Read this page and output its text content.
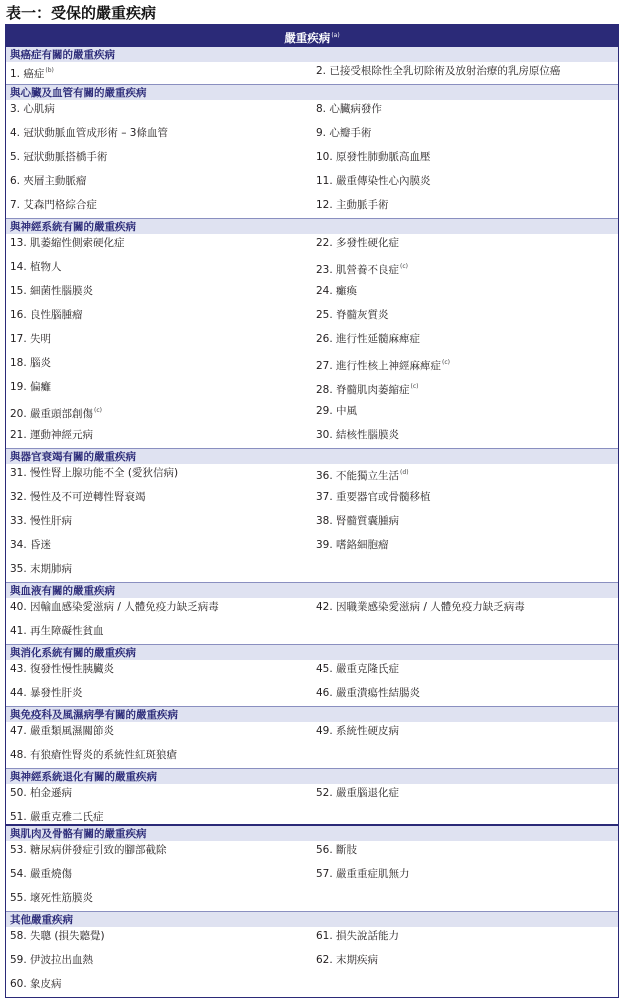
表一：受保的嚴重疾病
嚴重疾病$^{(a)}$
與癌症有關的嚴重疾病
1. 癌症$^{(b)}$	2. 已接受根除性全乳切除術及放射治療的乳房原位癌
與心臟及血管有關的嚴重疾病
3. 心肌病	8. 心臟病發作
4. 冠狀動脈血管成形術 – 3條血管	9. 心瓣手術
5. 冠狀動脈搭橋手術	10. 原發性肺動脈高血壓
6. 夾層主動脈瘤	11. 嚴重傳染性心內膜炎
7. 艾森門格綜合症	12. 主動脈手術
與神經系統有關的嚴重疾病
13. 肌萎縮性側索硬化症	22. 多發性硬化症
14. 植物人	23. 肌營養不良症$^{(c)}$
15. 細菌性腦膜炎	24. 癱瘓
16. 良性腦腫瘤	25. 脊髓灰質炎
17. 失明	26. 進行性延髓麻痺症
18. 腦炎	27. 進行性核上神經麻痺症$^{(c)}$
19. 偏癱	28. 脊髓肌肉萎縮症$^{(c)}$
20. 嚴重頭部創傷$^{(c)}$	29. 中風
21. 運動神經元病	30. 結核性腦膜炎
與器官衰竭有關的嚴重疾病
31. 慢性腎上腺功能不全 (愛狄信病)	36. 不能獨立生活$^{(d)}$
32. 慢性及不可逆轉性腎衰竭	37. 重要器官或骨髓移植
33. 慢性肝病	38. 腎髓質囊腫病
34. 昏迷	39. 嗜鉻細胞瘤
35. 末期肺病
與血液有關的嚴重疾病
40. 因輸血感染愛滋病 / 人體免疫力缺乏病毒	42. 因職業感染愛滋病 / 人體免疫力缺乏病毒
41. 再生障礙性貧血
與消化系統有關的嚴重疾病
43. 復發性慢性胰臟炎	45. 嚴重克隆氏症
44. 暴發性肝炎	46. 嚴重潰瘍性結腸炎
與免疫科及風濕病學有關的嚴重疾病
47. 嚴重類風濕關節炎	49. 系統性硬皮病
48. 有狼瘡性腎炎的系統性紅斑狼瘡
與神經系統退化有關的嚴重疾病
50. 柏金遜病	52. 嚴重腦退化症
51. 嚴重克雅二氏症
與肌肉及骨骼有關的嚴重疾病
53. 糖尿病併發症引致的腳部截除	56. 斷肢
54. 嚴重燒傷	57. 嚴重重症肌無力
55. 壞死性筋膜炎
其他嚴重疾病
58. 失聰 (損失聽覺)	61. 損失說話能力
59. 伊波拉出血熱	62. 末期疾病
60. 象皮病
